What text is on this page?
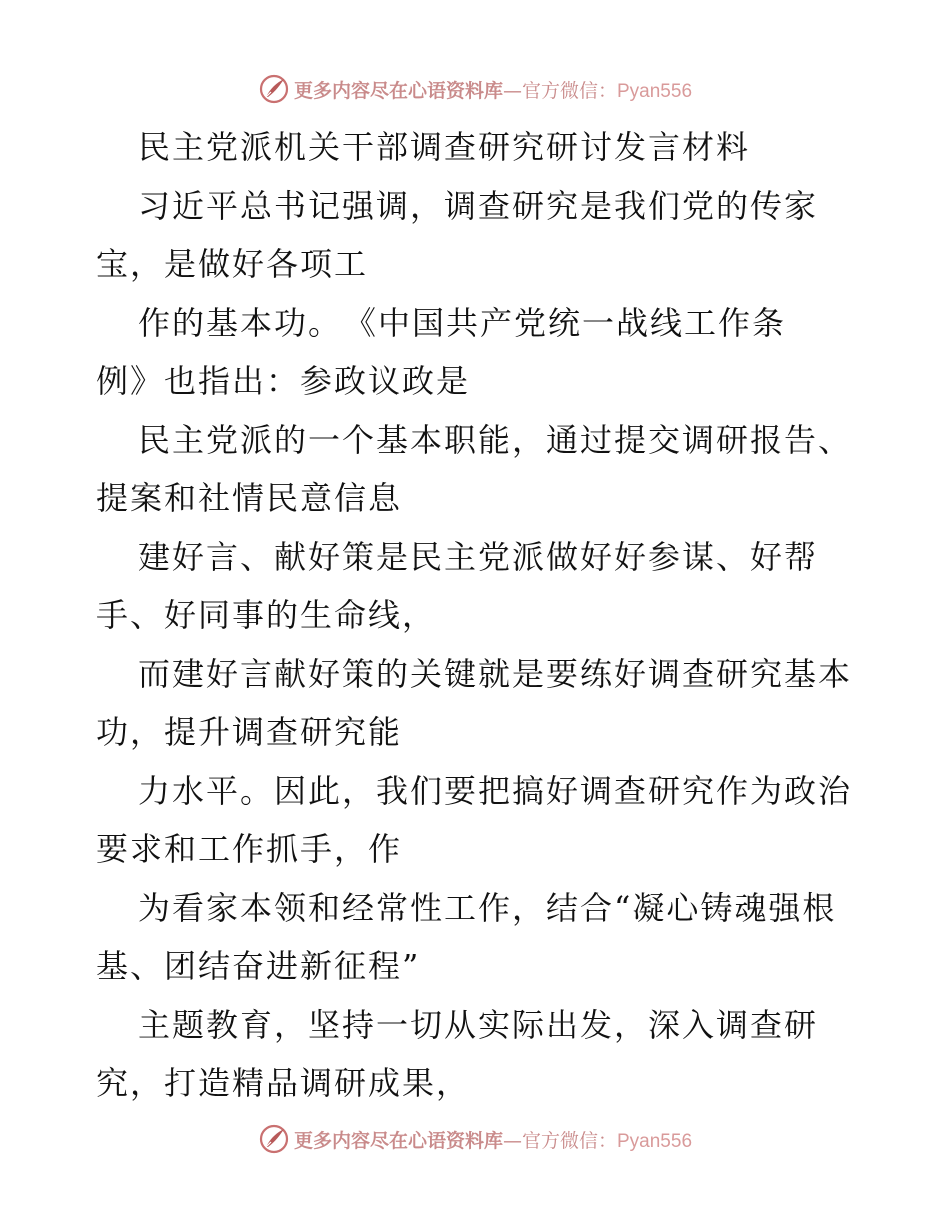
更多内容尽在心语资料库—官方微信：Pyan556
民主党派机关干部调查研究研讨发言材料
习近平总书记强调，调查研究是我们党的传家
宝，是做好各项工
作的基本功。　《中国共产党统一战线工作条
例》也指出：参政议政是
民主党派的一个基本职能，通过提交调研报告、
提案和社情民意信息
建好言、献好策是民主党派做好好参谋、好帮
手、好同事的生命线，
而建好言献好策的关键就是要练好调查研究基本
功，提升调查研究能
力水平。因此，我们要把搞好调查研究作为政治
要求和工作抓手，作
为看家本领和经常性工作，结合“凝心铸魂强根
基、团结奋进新征程”
主题教育，坚持一切从实际出发，深入调查研
究，打造精品调研成果，
更多内容尽在心语资料库—官方微信：Pyan556
